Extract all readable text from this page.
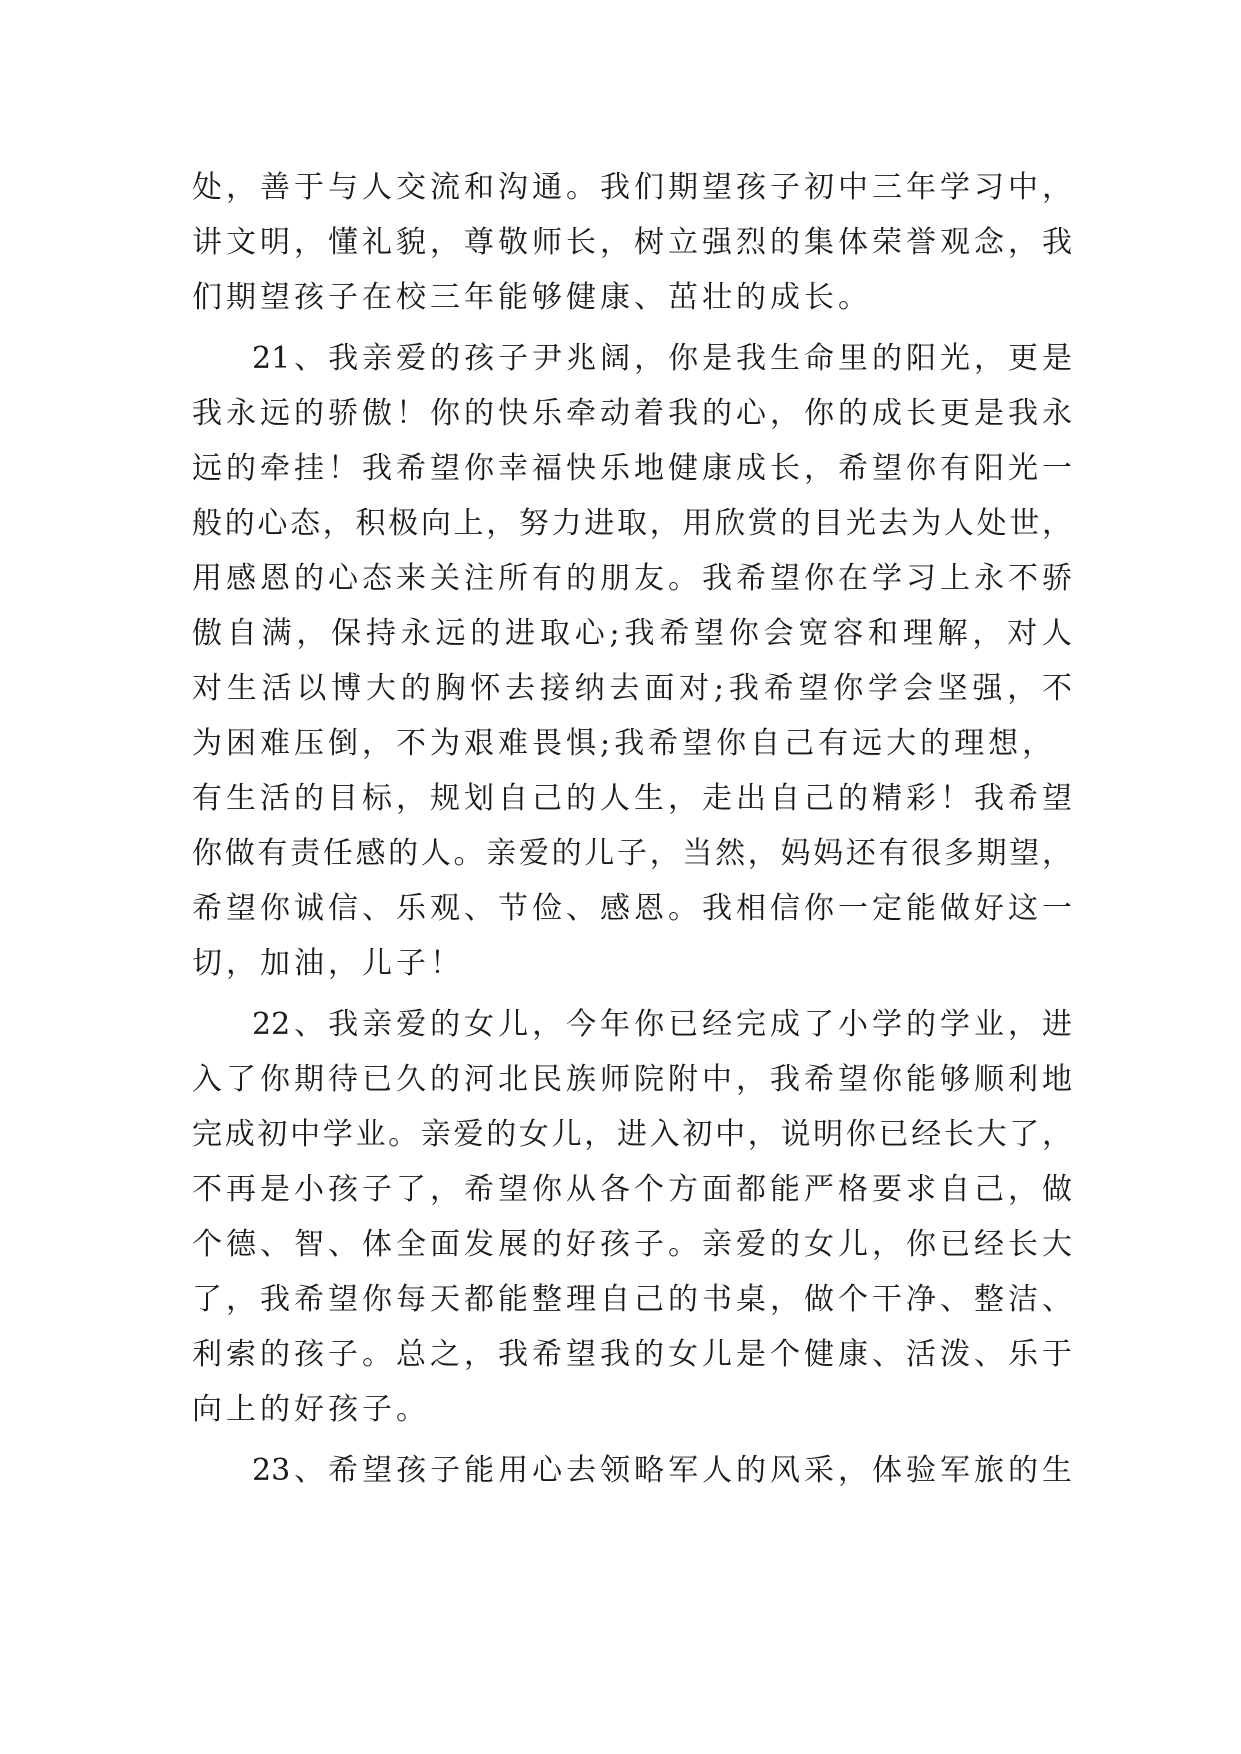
处，善于与人交流和沟通。我们期望孩子初中三年学习中，
讲文明，懂礼貌，尊敬师长，树立强烈的集体荣誉观念，我
们期望孩子在校三年能够健康、茁壮的成长。
21、我亲爱的孩子尹兆阔，你是我生命里的阳光，更是
我永远的骄傲！你的快乐牵动着我的心，你的成长更是我永
远的牵挂！我希望你幸福快乐地健康成长，希望你有阳光一
般的心态，积极向上，努力进取，用欣赏的目光去为人处世，
用感恩的心态来关注所有的朋友。我希望你在学习上永不骄
傲自满，保持永远的进取心;我希望你会宽容和理解，对人
对生活以博大的胸怀去接纳去面对;我希望你学会坚强，不
为困难压倒，不为艰难畏惧;我希望你自己有远大的理想，
有生活的目标，规划自己的人生，走出自己的精彩！我希望
你做有责任感的人。亲爱的儿子，当然，妈妈还有很多期望，
希望你诚信、乐观、节俭、感恩。我相信你一定能做好这一
切，加油，儿子！
22、我亲爱的女儿，今年你已经完成了小学的学业，进
入了你期待已久的河北民族师院附中，我希望你能够顺利地
完成初中学业。亲爱的女儿，进入初中，说明你已经长大了，
不再是小孩子了，希望你从各个方面都能严格要求自己，做
个德、智、体全面发展的好孩子。亲爱的女儿，你已经长大
了，我希望你每天都能整理自己的书桌，做个干净、整洁、
利索的孩子。总之，我希望我的女儿是个健康、活泼、乐于
向上的好孩子。
23、希望孩子能用心去领略军人的风采，体验军旅的生
